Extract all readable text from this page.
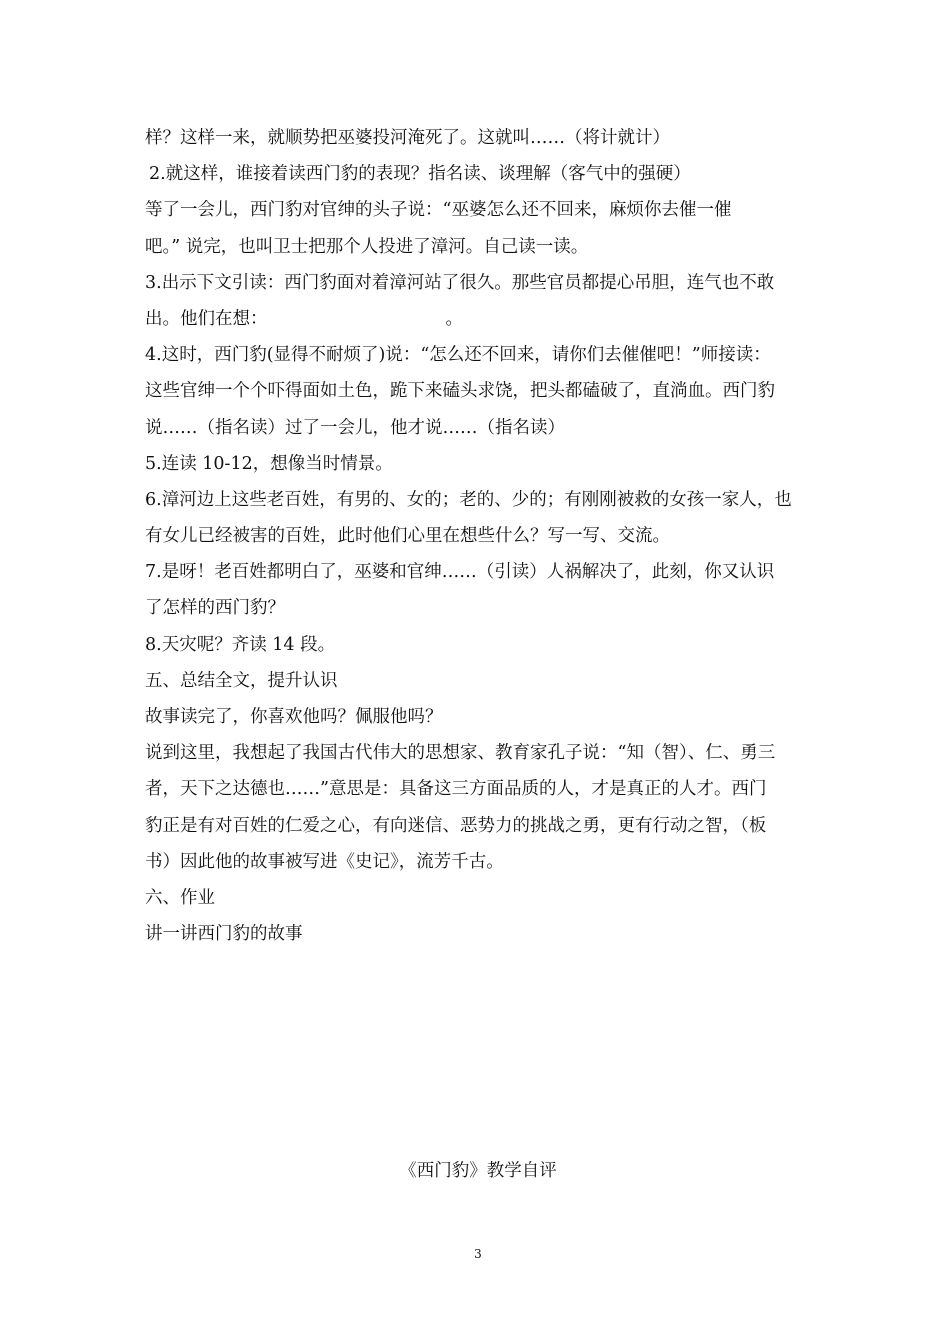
样？这样一来，就顺势把巫婆投河淹死了。这就叫……（将计就计）
2.就这样，谁接着读西门豹的表现？指名读、谈理解（客气中的强硬）
等了一会儿，西门豹对官绅的头子说：“巫婆怎么还不回来，麻烦你去催一催
吧。” 说完，也叫卫士把那个人投进了漳河。自己读一读。
3.出示下文引读：西门豹面对着漳河站了很久。那些官员都提心吊胆，连气也不敢
出。他们在想：	。
4.这时，西门豹(显得不耐烦了)说：“怎么还不回来，请你们去催催吧！”师接读：
这些官绅一个个吓得面如土色，跪下来磕头求饶，把头都磕破了，直淌血。西门豹
说……（指名读）过了一会儿，他才说……（指名读）
5.连读 10-12，想像当时情景。
6.漳河边上这些老百姓，有男的、女的；老的、少的；有刚刚被救的女孩一家人，也
有女儿已经被害的百姓，此时他们心里在想些什么？写一写、交流。
7.是呀！老百姓都明白了，巫婆和官绅……（引读）人祸解决了，此刻，你又认识
了怎样的西门豹？
8.天灾呢？齐读 14 段。
五、总结全文，提升认识
故事读完了，你喜欢他吗？佩服他吗？
说到这里，我想起了我国古代伟大的思想家、教育家孔子说：“知（智）、仁、勇三
者，天下之达德也……”意思是：具备这三方面品质的人，才是真正的人才。西门
豹正是有对百姓的仁爱之心，有向迷信、恶势力的挑战之勇，更有行动之智，（板
书）因此他的故事被写进《史记》，流芳千古。
六、作业
讲一讲西门豹的故事
《西门豹》教学自评
3
